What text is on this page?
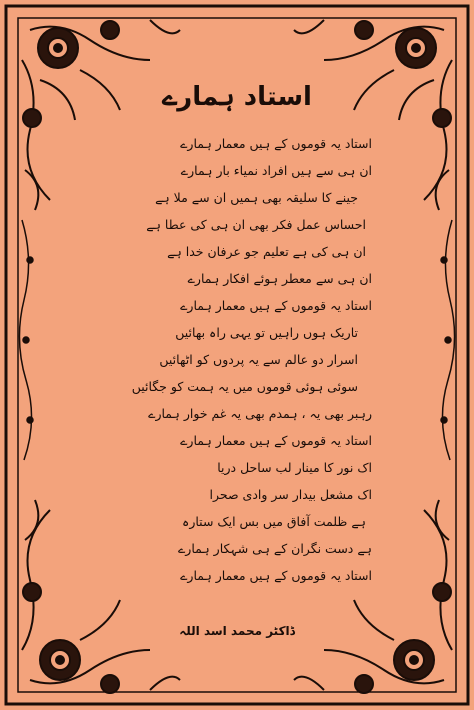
استاد ہمارے
استاد یہ قوموں کے ہیں معمار ہمارے
ان ہی سے ہیں افراد نمیاء بار ہمارے
جینے کا سلیقہ بھی ہمیں ان سے ملا ہے
احساس عمل فکر بھی ان ہی کی عطا ہے
ان ہی کی ہے تعلیم جو عرفان خدا ہے
ان ہی سے معطر ہوئے افکار ہمارے
استاد یہ قوموں کے ہیں معمار ہمارے
تاریک ہوں راہیں تو یہی راہ بھائیں
اسرار دو عالم سے یہ پردوں کو اٹھائیں
سوئی ہوئی قوموں میں یہ ہمت کو جگائیں
رہبر بھی یہ ، ہمدم بھی یہ غم خوار ہمارے
استاد یہ قوموں کے ہیں معمار ہمارے
اک نور کا مینار لب ساحل دریا
اک مشعل بیدار سر وادی صحرا
ہے ظلمت آفاق میں بس ایک ستارہ
ہے دست نگران کے ہی شہکار ہمارے
استاد یہ قوموں کے ہیں معمار ہمارے
ڈاکٹر محمد اسد اللہ
